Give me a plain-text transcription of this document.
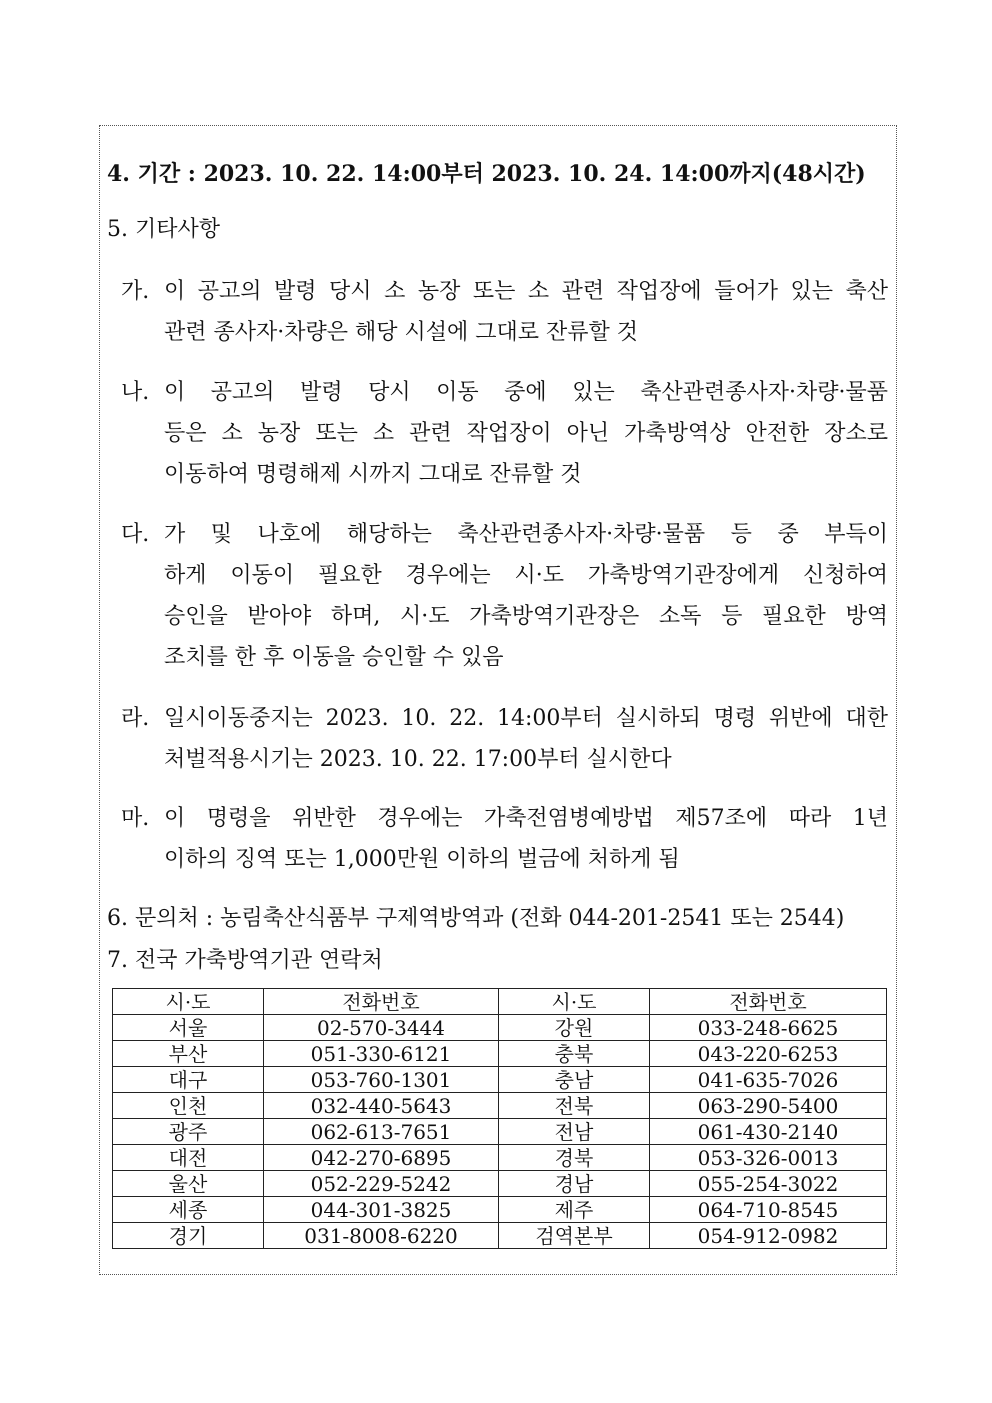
4. 기간 : 2023. 10. 22. 14:00부터 2023. 10. 24. 14:00까지(48시간)
5. 기타사항
가. 이 공고의 발령 당시 소 농장 또는 소 관련 작업장에 들어가 있는 축산
관련 종사자·차량은 해당 시설에 그대로 잔류할 것
나. 이 공고의 발령 당시 이동 중에 있는 축산관련종사자·차량·물품
등은 소 농장 또는 소 관련 작업장이 아닌 가축방역상 안전한 장소로
이동하여 명령해제 시까지 그대로 잔류할 것
다. 가 및 나호에 해당하는 축산관련종사자·차량·물품 등 중 부득이
하게 이동이 필요한 경우에는 시·도 가축방역기관장에게 신청하여
승인을 받아야 하며, 시·도 가축방역기관장은 소독 등 필요한 방역
조치를 한 후 이동을 승인할 수 있음
라. 일시이동중지는 2023. 10. 22. 14:00부터 실시하되 명령 위반에 대한
처벌적용시기는 2023. 10. 22. 17:00부터 실시한다
마. 이 명령을 위반한 경우에는 가축전염병예방법 제57조에 따라 1년
이하의 징역 또는 1,000만원 이하의 벌금에 처하게 됨
6. 문의처 : 농림축산식품부 구제역방역과 (전화 044-201-2541 또는 2544)
7. 전국 가축방역기관 연락처
시·도	전화번호	시·도	전화번호
서울	02-570-3444	강원	033-248-6625
부산	051-330-6121	충북	043-220-6253
대구	053-760-1301	충남	041-635-7026
인천	032-440-5643	전북	063-290-5400
광주	062-613-7651	전남	061-430-2140
대전	042-270-6895	경북	053-326-0013
울산	052-229-5242	경남	055-254-3022
세종	044-301-3825	제주	064-710-8545
경기	031-8008-6220	검역본부	054-912-0982
